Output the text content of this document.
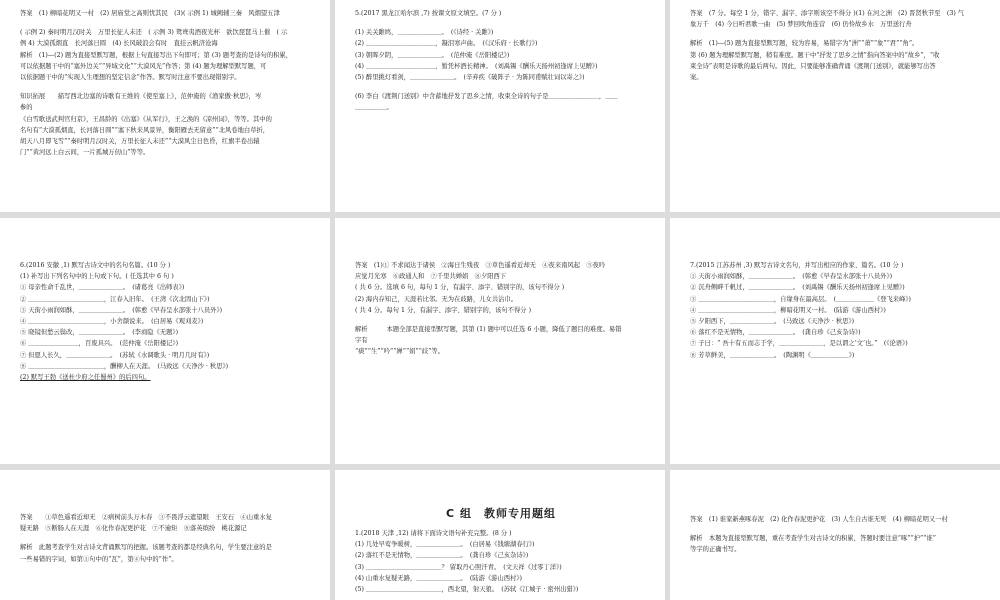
答案　(1) 柳暗花明又一村　(2) 居庙堂之高则忧其民　(3)( 示例 1) 城阙辅三秦　风烟望五津
( 示例 2) 秦时明月汉时关　万里长征人未还　( 示例 3) 鸳鸯夷酒夜光杯　欲饮琵琶马上催　( 示
例 4) 大漠孤烟直　长河落日圆　(4) 长风破浪会有时　直挂云帆济沧海
解析　(1)—(2) 题为直接型默写题，根据上句直接写出下句即可；第 (3) 题考查的是诗句的积累，
可以依据题干中的“塞外边关”“异域文化”“大漠风光”作答；第 (4) 题为理解型默写题，可
以依据题干中的“实现人生理想的坚定信念”作答。默写时注意不要出现错别字。
知识拓展　　描写西北边塞的诗歌有王维的《使至塞上》，范仲淹的《渔家傲·秋思》，岑
参的
《白雪歌送武判官归京》，王昌龄的《出塞》《从军行》，王之涣的《凉州词》，等等。其中的
名句有“大漠孤烟直，长河落日圆”“塞下秋来风景异，衡阳雁去无留意”“北风卷地白草折，
胡天八月即飞雪”“秦时明月汉时关，万里长征人未还”“大漠风尘日色昏，红旗半卷出辕
门”“黄河远上白云间，一片孤城万仞山”等等。
5.(2017 黑龙江哈尔滨 ,7) 按课文原文填空。(7 分 )
(1) 关关雎鸠，＿＿＿＿＿＿＿。　(《诗经 · 关雎》)
(2) ＿＿＿＿＿＿＿＿＿＿＿，凝泪寒声曲。　(《汉乐府 · 长歌行》)
(3) 朝晖夕阴，＿＿＿＿＿＿＿。　(范仲淹《岳阳楼记》)
(4) ＿＿＿＿＿＿＿＿＿＿＿，暂凭杯酒长精神。　(刘禹锡《酬乐天扬州初逢席上见赠》)
(5) 醉里挑灯看剑，＿＿＿＿＿＿＿。　(辛弃疾《破阵子 · 为陈同甫赋壮词以寄之》)
(6) 李白《渡荆门送别》中含蓄地抒发了思乡之情，收束全诗的句子是＿＿＿＿＿＿＿＿，＿＿
＿＿＿＿＿。
答案　(7 分。每空 1 分，错字、漏字、添字则该空不得分 )(1) 在河之洲　(2) 晋贤秋节至　(3) 气
象万千　(4) 今日听君歌一曲　(5) 梦回吹角连营　(6) 仍怜故乡水　万里送行舟
解析　(1)—(5) 题为直接型默写题，较为容易，易错字为“洲”“萧”“象”“君”“角”。
第 (6) 题为理解型默写题，稍有难度。题干中“抒发了思乡之情”指向答案中的“故乡”，“收
束全诗”表明是诗歌的最后两句。因此，只要能够准确背诵《渡荆门送别》，就能够写出答
案。
6.(2016 安徽 ,1) 默写古诗文中的名句名篇。(10 分 )
(1) 补写出下列名句中的上句或下句。( 任选其中 6 句 )
① 母亲性命千乱世，＿＿＿＿＿＿＿。　(诸葛亮《出师表》)
② ＿＿＿＿＿＿＿＿＿＿＿＿，江春入旧年。　(王湾《次北固山下》)
③ 天街小雨润如酥，＿＿＿＿＿＿＿。　(韩愈《早春呈水部张十八员外》)
④ ＿＿＿＿＿＿＿＿＿＿＿＿，小舍颜说来。　(白居易《观刈麦》)
⑤ 晓镜但愁云鬓改，＿＿＿＿＿＿＿。　(李商隐《无题》)
⑥ ＿＿＿＿＿＿＿＿，百废具兴。　(范仲淹《岳阳楼记》)
⑦ 但愿人长久，＿＿＿＿＿＿＿。　(苏轼《水调歌头 · 明月几时有》)
⑧ ＿＿＿＿＿＿＿＿＿＿＿＿，酬柳人在天涯。　(马致远《天净沙 · 秋思》)
(2) 默写王勃《送杜少府之任蜀州》的后四句。
答案　(1)① 不求闻达于诸侯　②海日生残夜　③草色遥看近却无　④夜来南风起　⑤夜吟
应觉月光寒　⑥政通人和　⑦千里共婵娟　⑧夕阳西下
( 共 6 分。选填 6 句，每句 1 分，有漏字、添字、错别字的，该句不得分 )
(2) 海内存知己，天涯若比邻。无为在歧路，儿女共沾巾。
( 共 4 分。每句 1 分，有漏字、添字、错别字的，该句不得分 )
解析　　　本题全部是直接型默写题，其第 (1) 题中可以任选 6 小题，降低了题目的难度。易错
字有
“痰”“生”“吟”“婵”“娟”“歧”等。
7.(2015 江苏苏州 ,3) 默写古诗文名句，并写出相应的作家、篇名。(10 分 )
① 天街小雨润如酥，＿＿＿＿＿＿＿。　(韩愈《早春呈水部张十八员外》)
② 沉舟侧畔千帆过，＿＿＿＿＿＿＿。　(刘禹锡《酬乐天扬州初逢席上见赠》)
③ ＿＿＿＿＿＿＿＿＿＿＿＿，自缘身在最高层。　(＿＿＿＿＿＿《登飞来峰》)
④ ＿＿＿＿＿＿＿＿＿＿＿＿，柳暗花明又一村。　(陆游《游山西村》)
⑤ 夕阳西下，＿＿＿＿＿＿＿。　(马致远《天净沙 · 秋思》)
⑥ 落红不是无情物，＿＿＿＿＿＿＿。　(龚自珍《己亥杂诗》)
⑦ 子曰：“ 吾十有五而志于学，＿＿＿＿＿＿＿，是以谓之‘文’也。”　(《论语》)
⑧ 芳草鲜美，＿＿＿＿＿＿＿。　(陶渊明《＿＿＿＿＿＿》)
答案　　①草色遥看近却无　②病树前头万木春　③不畏浮云遮望眼　王安石　④山重水复
疑无路　⑤断肠人在天涯　⑥化作春泥更护花　⑦不逾矩　⑧落英缤纷　桃花源记
解析　此题考查学生对古诗文背诵默写的把握。该题考查的都是经典名句，学生要注意的是
一些易错的字词，如第①句中的“瓦”，第④句中的“作”。
C 组　教师专用题组
1.(2018 天津 ,12) 请将下面诗文语句补充完整。(8 分 )
(1) 几处早莺争暖树，＿＿＿＿＿＿＿。　(白居易《钱塘湖春行》)
(2) 落红不是无情物，＿＿＿＿＿＿＿。　(龚自珍《己亥杂诗》)
(3) ＿＿＿＿＿＿＿＿＿＿＿＿？ 留取丹心照汗青。　(文天祥《过零丁洋》)
(4) 山重水复疑无路，＿＿＿＿＿＿＿。　(陆游《游山西村》)
(5) ＿＿＿＿＿＿＿＿＿＿＿＿，西北望，射天狼。　(苏轼《江城子 · 密州出猎》)
答案　(1) 谁家新燕啄春泥　(2) 化作春泥更护花　(3) 人生自古谁无死　(4) 柳暗花明又一村
解析　本题为直接型默写题，重在考查学生对古诗文的积累，答题时要注意“啄”“护”“谁”
等字的正确书写。
